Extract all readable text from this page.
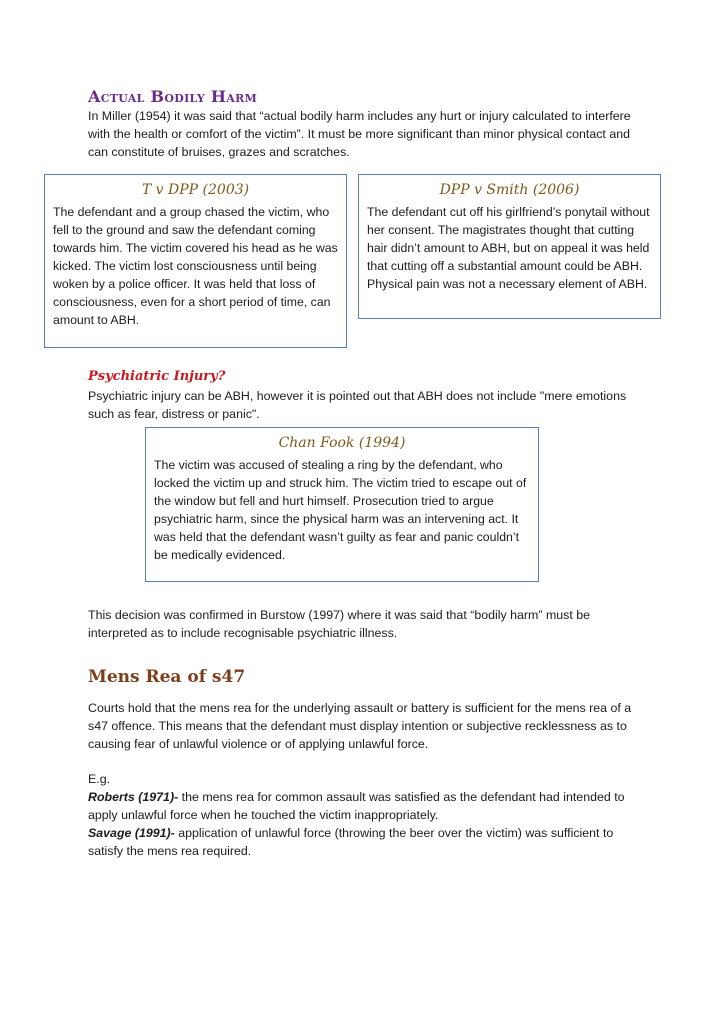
Actual Bodily Harm

In Miller (1954) it was said that “actual bodily harm includes any hurt or injury calculated to interfere with the health or comfort of the victim”. It must be more significant than minor physical contact and can constitute of bruises, grazes and scratches.

T v DPP (2003)

The defendant and a group chased the victim, who fell to the ground and saw the defendant coming towards him. The victim covered his head as he was kicked. The victim lost consciousness until being woken by a police officer. It was held that loss of consciousness, even for a short period of time, can amount to ABH.

DPP v Smith (2006)

The defendant cut off his girlfriend’s ponytail without her consent. The magistrates thought that cutting hair didn’t amount to ABH, but on appeal it was held that cutting off a substantial amount could be ABH. Physical pain was not a necessary element of ABH.

Psychiatric Injury?

Psychiatric injury can be ABH, however it is pointed out that ABH does not include "mere emotions such as fear, distress or panic".

Chan Fook (1994)

The victim was accused of stealing a ring by the defendant, who locked the victim up and struck him. The victim tried to escape out of the window but fell and hurt himself. Prosecution tried to argue psychiatric harm, since the physical harm was an intervening act. It was held that the defendant wasn’t guilty as fear and panic couldn’t be medically evidenced.

This decision was confirmed in Burstow (1997) where it was said that “bodily harm” must be interpreted as to include recognisable psychiatric illness.

Mens Rea of s47

Courts hold that the mens rea for the underlying assault or battery is sufficient for the mens rea of a s47 offence. This means that the defendant must display intention or subjective recklessness as to causing fear of unlawful violence or of applying unlawful force.

E.g.

Roberts (1971)- the mens rea for common assault was satisfied as the defendant had intended to apply unlawful force when he touched the victim inappropriately.

Savage (1991)- application of unlawful force (throwing the beer over the victim) was sufficient to satisfy the mens rea required.
